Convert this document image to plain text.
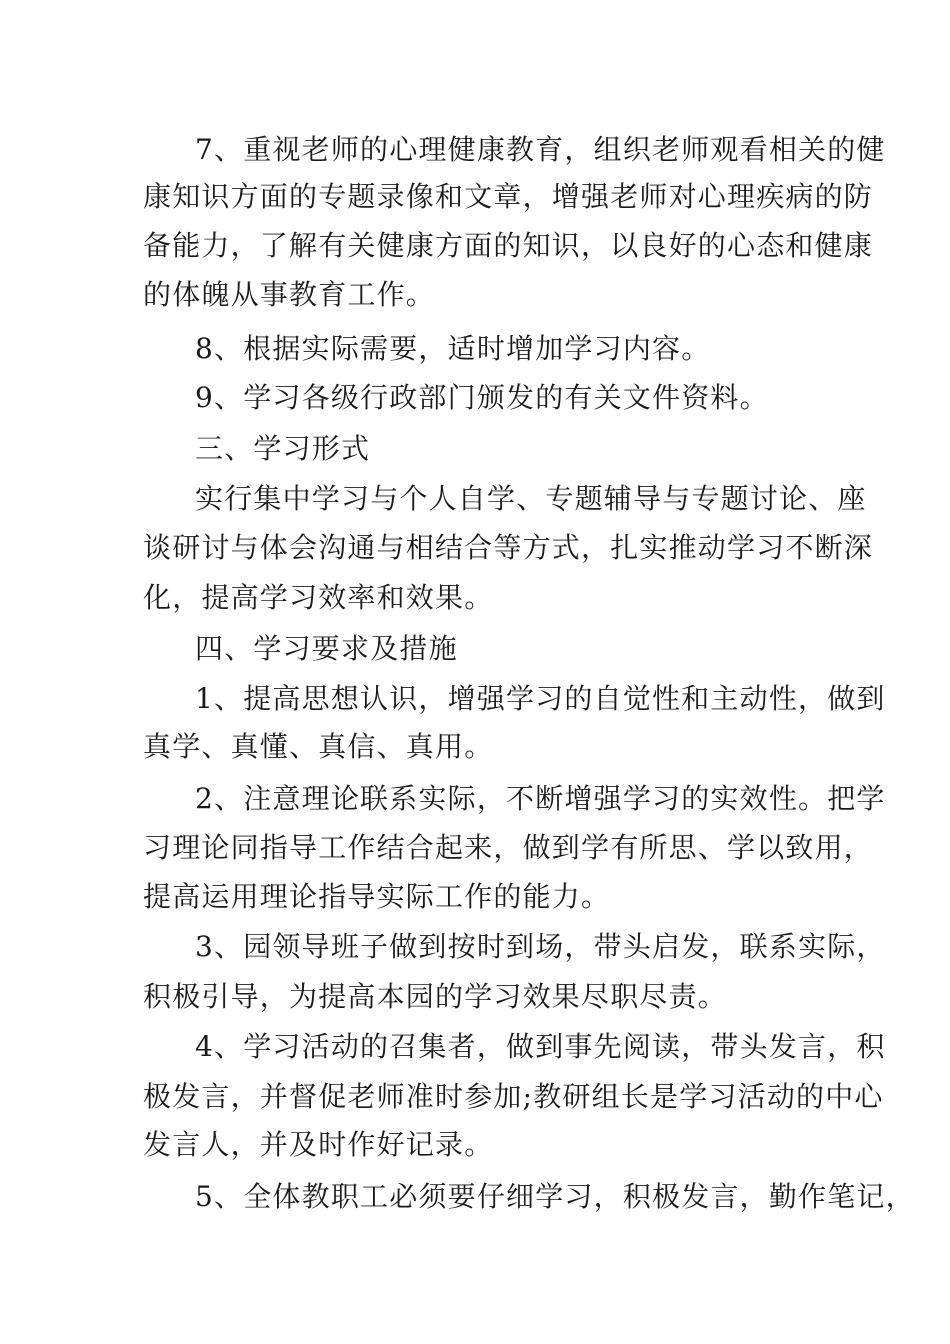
7、重视老师的心理健康教育，组织老师观看相关的健
康知识方面的专题录像和文章，增强老师对心理疾病的防
备能力，了解有关健康方面的知识，以良好的心态和健康
的体魄从事教育工作。
8、根据实际需要，适时增加学习内容。
9、学习各级行政部门颁发的有关文件资料。
三、学习形式
实行集中学习与个人自学、专题辅导与专题讨论、座
谈研讨与体会沟通与相结合等方式，扎实推动学习不断深
化，提高学习效率和效果。
四、学习要求及措施
1、提高思想认识，增强学习的自觉性和主动性，做到
真学、真懂、真信、真用。
2、注意理论联系实际，不断增强学习的实效性。把学
习理论同指导工作结合起来，做到学有所思、学以致用，
提高运用理论指导实际工作的能力。
3、园领导班子做到按时到场，带头启发，联系实际，
积极引导，为提高本园的学习效果尽职尽责。
4、学习活动的召集者，做到事先阅读，带头发言，积
极发言，并督促老师准时参加;教研组长是学习活动的中心
发言人，并及时作好记录。
5、全体教职工必须要仔细学习，积极发言，勤作笔记，
